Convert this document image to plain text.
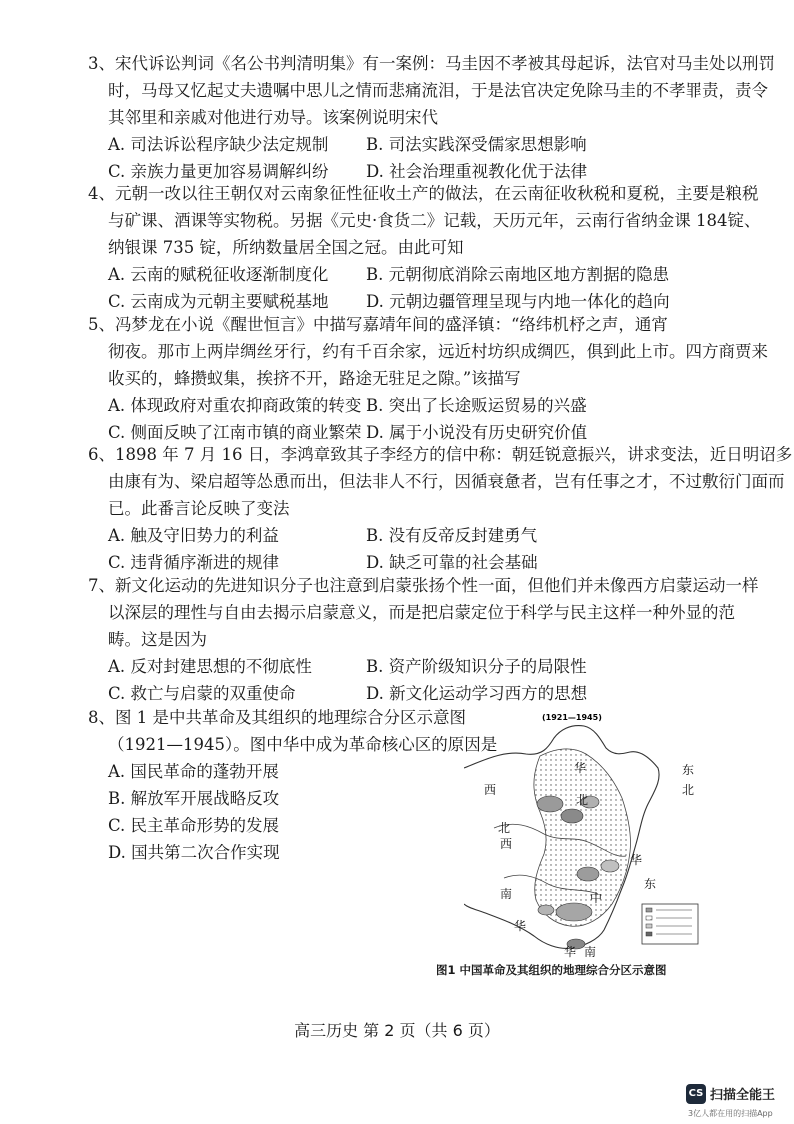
3、宋代诉讼判词《名公书判清明集》有一案例：马圭因不孝被其母起诉，法官对马圭处以刑罚
时，马母又忆起丈夫遗嘱中思儿之情而悲痛流泪，于是法官决定免除马圭的不孝罪责，责令
其邻里和亲戚对他进行劝导。该案例说明宋代
A. 司法诉讼程序缺少法定规制	B. 司法实践深受儒家思想影响
C. 亲族力量更加容易调解纠纷	D. 社会治理重视教化优于法律
4、元朝一改以往王朝仅对云南象征性征收土产的做法，在云南征收秋税和夏税，主要是粮税
与矿课、酒课等实物税。另据《元史·食货二》记载，天历元年，云南行省纳金课 184锭、
纳银课 735 锭，所纳数量居全国之冠。由此可知
A. 云南的赋税征收逐渐制度化	B. 元朝彻底消除云南地区地方割据的隐患
C. 云南成为元朝主要赋税基地	D. 元朝边疆管理呈现与内地一体化的趋向
5、冯梦龙在小说《醒世恒言》中描写嘉靖年间的盛泽镇：“络纬机杼之声，通宵
彻夜。那市上两岸绸丝牙行，约有千百余家，远近村坊织成绸匹，俱到此上市。四方商贾来
收买的，蜂攒蚁集，挨挤不开，路途无驻足之隙。”该描写
A. 体现政府对重农抑商政策的转变 B. 突出了长途贩运贸易的兴盛
C. 侧面反映了江南市镇的商业繁荣 D. 属于小说没有历史研究价值
6、1898 年 7 月 16 日，李鸿章致其子李经方的信中称：朝廷锐意振兴，讲求变法，近日明诏多
由康有为、梁启超等怂恿而出，但法非人不行，因循衰惫者，岂有任事之才，不过敷衍门面而
已。此番言论反映了变法
A. 触及守旧势力的利益	B. 没有反帝反封建勇气
C. 违背循序渐进的规律	D. 缺乏可靠的社会基础
7、新文化运动的先进知识分子也注意到启蒙张扬个性一面，但他们并未像西方启蒙运动一样
以深层的理性与自由去揭示启蒙意义，而是把启蒙定位于科学与民主这样一种外显的范
畴。这是因为
A. 反对封建思想的不彻底性	B. 资产阶级知识分子的局限性
C. 救亡与启蒙的双重使命	D. 新文化运动学习西方的思想
8、图 1 是中共革命及其组织的地理综合分区示意图
（1921—1945）。图中华中成为革命核心区的原因是
A. 国民革命的蓬勃开展
B. 解放军开展战略反攻
C. 民主革命形势的发展
D. 国共第二次合作实现
(1921—1945)
东
北
西
北
华
北
西
华
东
南
华
中
华 南
图1 中国革命及其组织的地理综合分区示意图
高三历史 第 2 页（共 6 页）
CS 扫描全能王
3亿人都在用的扫描App
